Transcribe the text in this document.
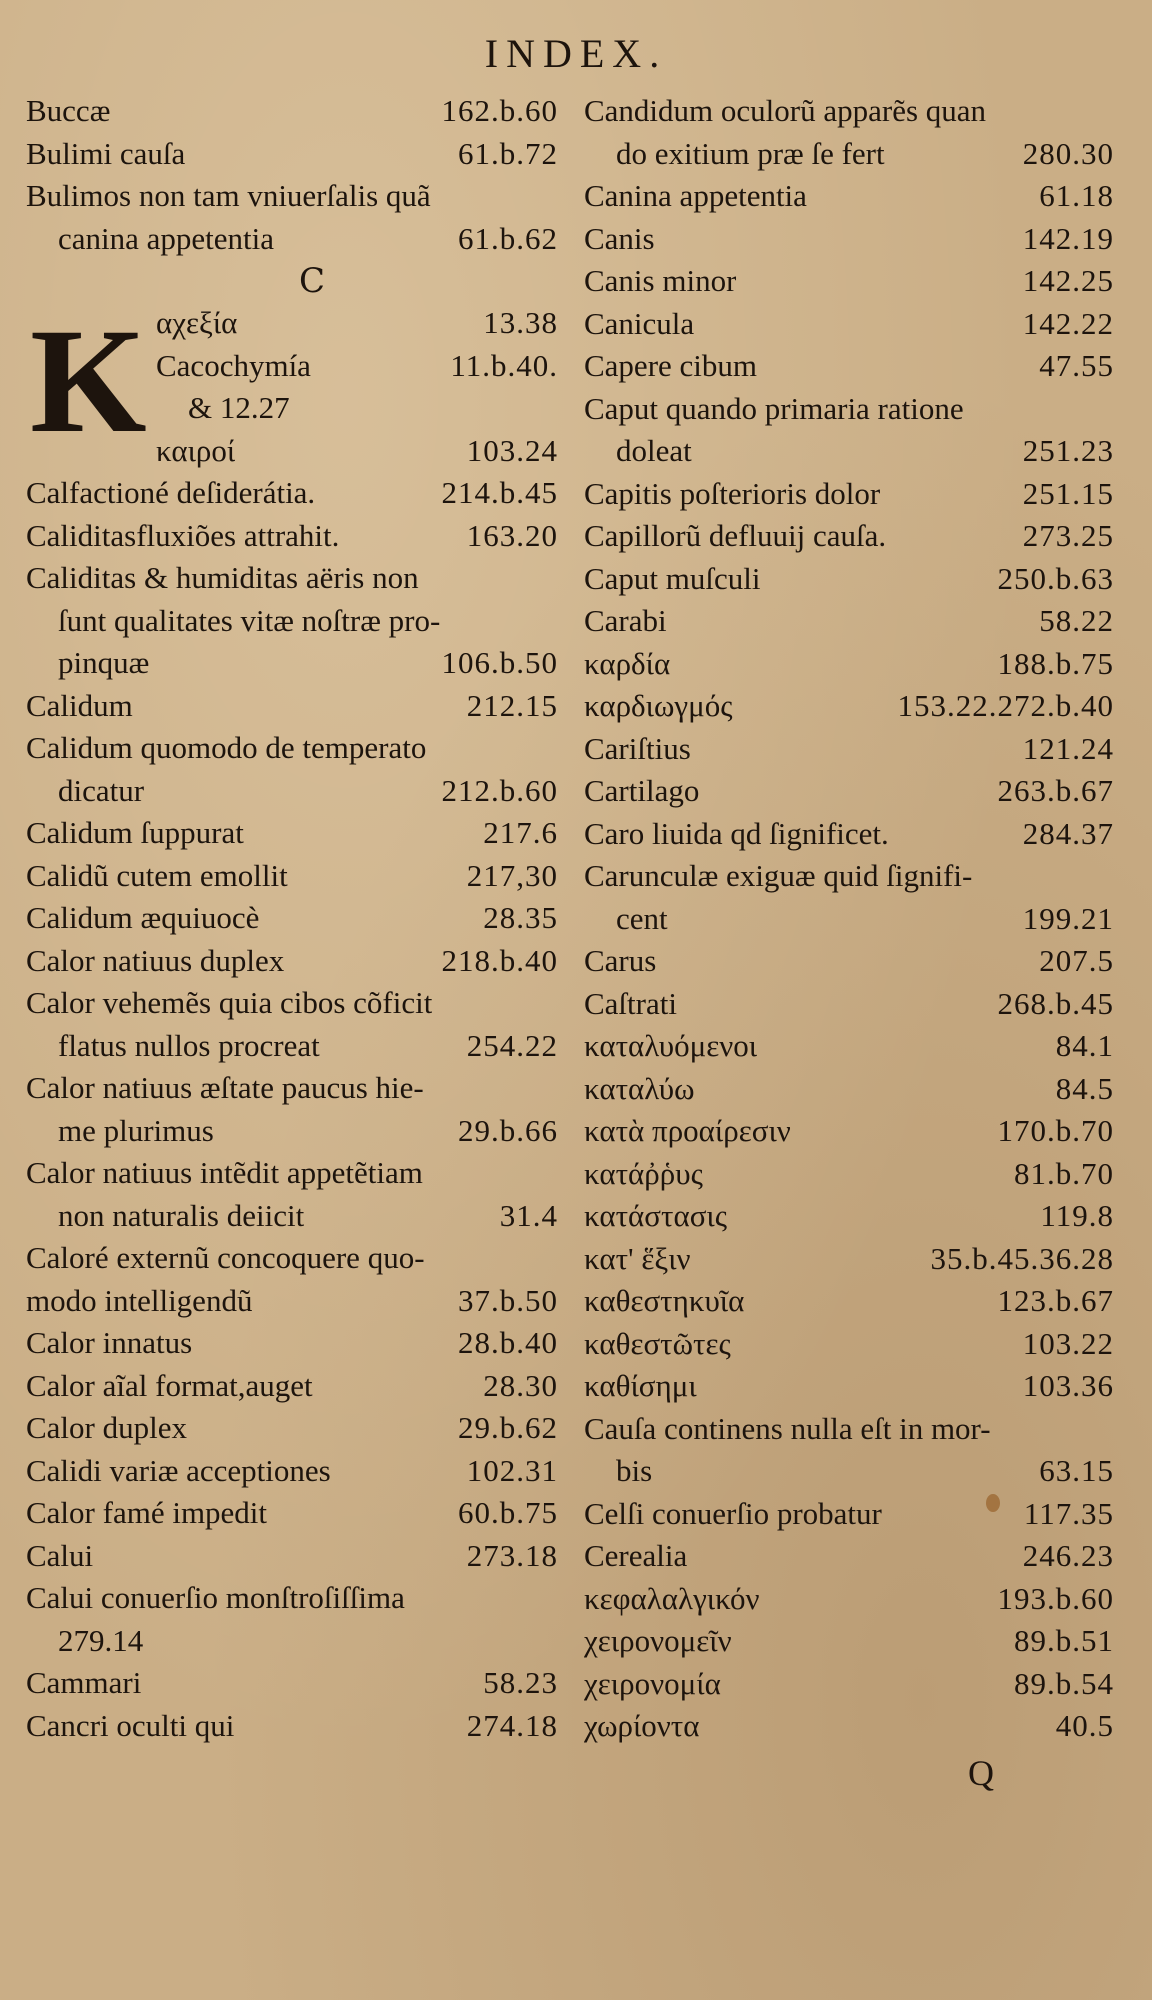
INDEX.
Buccæ	162.b.60
Bulimi cauſa	61.b.72
Bulimos non tam vniuerſalis quã
canina appetentia	61.b.62
C
K αχεξία	13.38
Cacochymía	11.b.40.
& 12.27
καιροί	103.24
Calfactioné deſiderátia.	214.b.45
Caliditasfluxiões attrahit.	163.20
Caliditas & humiditas aëris non
ſunt qualitates vitæ noſtræ pro-
pinquæ	106.b.50
Calidum	212.15
Calidum quomodo de temperato
dicatur	212.b.60
Calidum ſuppurat	217.6
Calidũ cutem emollit	217,30
Calidum æquiuocè	28.35
Calor natiuus duplex	218.b.40
Calor vehemẽs quia cibos cõficit
flatus nullos procreat	254.22
Calor natiuus æſtate paucus hie-
me plurimus	29.b.66
Calor natiuus intẽdit appetẽtiam
non naturalis deiicit	31.4
Caloré externũ concoquere quo-
modo intelligendũ	37.b.50
Calor innatus	28.b.40
Calor aĩal format,auget	28.30
Calor duplex	29.b.62
Calidi variæ acceptiones	102.31
Calor famé impedit	60.b.75
Calui	273.18
Calui conuerſio monſtroſiſſima
279.14
Cammari	58.23
Cancri oculti qui	274.18
Candidum oculorũ apparẽs quan
do exitium præ ſe fert	280.30
Canina appetentia	61.18
Canis	142.19
Canis minor	142.25
Canicula	142.22
Capere cibum	47.55
Caput quando primaria ratione
doleat	251.23
Capitis poſterioris dolor	251.15
Capillorũ defluuij cauſa.	273.25
Caput muſculi	250.b.63
Carabi	58.22
καρδία	188.b.75
καρδιωγμός	153.22.272.b.40
Cariſtius	121.24
Cartilago	263.b.67
Caro liuida qd ſignificet.	284.37
Carunculæ exiguæ quid ſignifi-
cent	199.21
Carus	207.5
Caſtrati	268.b.45
καταλυόμενοι	84.1
καταλύω	84.5
κατὰ προαίρεσιν	170.b.70
κατάῤῥυς	81.b.70
κατάστασις	119.8
κατ' ἕξιν	35.b.45.36.28
καθεστηκυῖα	123.b.67
καθεστῶτες	103.22
καθίσημι	103.36
Cauſa continens nulla eſt in mor-
bis	63.15
Celſi conuerſio probatur	117.35
Cerealia	246.23
κεφαλαλγικόν	193.b.60
χειρονομεῖν	89.b.51
χειρονομία	89.b.54
χωρίοντα	40.5
Q
